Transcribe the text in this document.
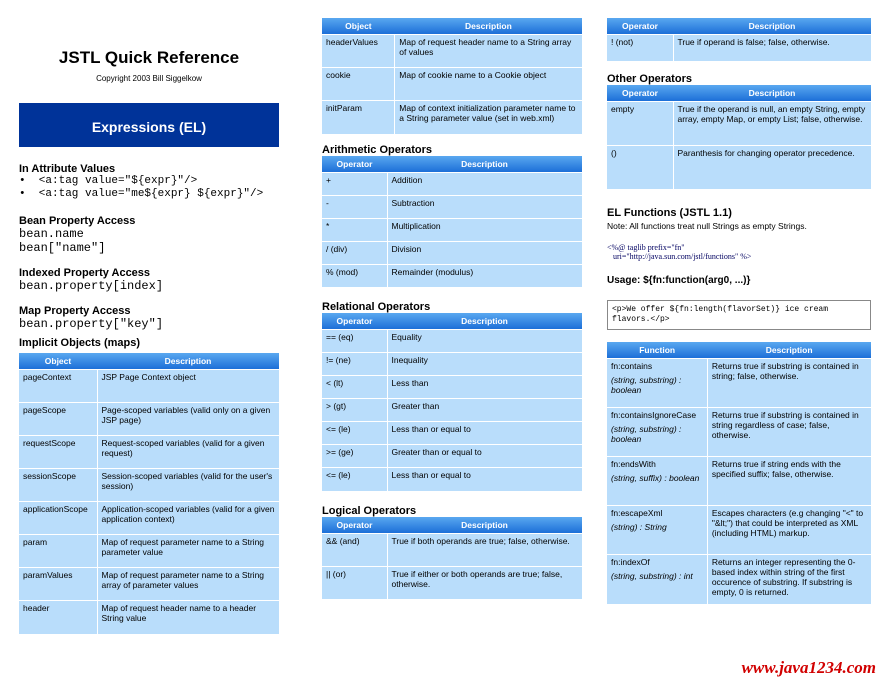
JSTL Quick Reference
Copyright 2003 Bill Siggelkow
Expressions (EL)
In Attribute Values
•  <a:tag value="${expr}"/>
•  <a:tag value="me${expr} ${expr}"/>
Bean Property Access
bean.name
bean["name"]
Indexed Property Access
bean.property[index]
Map Property Access
bean.property["key"]
Implicit Objects (maps)
Object	Description
pageContext	JSP Page Context object
pageScope	Page-scoped variables (valid only on a given JSP page)
requestScope	Request-scoped variables (valid for a given request)
sessionScope	Session-scoped variables (valid for the user's session)
applicationScope	Application-scoped variables (valid for a given application context)
param	Map of request parameter name to a String parameter value
paramValues	Map of request parameter name to a String array of parameter values
header	Map of request header name to a header String value
Object	Description
headerValues	Map of request header name to a String array of values
cookie	Map of cookie name to a Cookie object
initParam	Map of context initialization parameter name to a String parameter value (set in web.xml)
Arithmetic Operators
Operator	Description
+	Addition
-	Subtraction
*	Multiplication
/ (div)	Division
% (mod)	Remainder (modulus)
Relational Operators
Operator	Description
== (eq)	Equality
!= (ne)	Inequality
< (lt)	Less than
> (gt)	Greater than
<= (le)	Less than or equal to
>= (ge)	Greater than or equal to
<= (le)	Less than or equal to
Logical Operators
Operator	Description
&& (and)	True if both operands are true; false, otherwise.
|| (or)	True if either or both operands are true; false, otherwise.
Operator	Description
! (not)	True if operand is false; false, otherwise.
Other Operators
Operator	Description
empty	True if the operand is null, an empty String, empty array, empty Map, or empty List; false, otherwise.
()	Paranthesis for changing operator precedence.
EL Functions (JSTL 1.1)
Note: All functions treat null Strings as empty Strings.
<%@ taglib prefix="fn"
uri="http://java.sun.com/jstl/functions" %>
Usage: ${fn:function(arg0, ...)}
<p>We offer ${fn:length(flavorSet)} ice cream flavors.</p>
Function	Description

fn:contains
(string, substring) : boolean	Returns true if substring is contained in string; false, otherwise.

fn:containsIgnoreCase
(string, substring) : boolean	Returns true if substring is contained in string regardless of case; false, otherwise.

fn:endsWith
(string, suffix) : boolean	Returns true if string ends with the specified suffix; false, otherwise.

fn:escapeXml
(string) : String	Escapes characters (e.g changing "<" to "&lt;") that could be interpreted as XML (including HTML) markup.

fn:indexOf
(string, substring) : int	Returns an integer representing the 0-based index within string of the first occurence of substring. If substring is empty, 0 is returned.
www.java1234.com
